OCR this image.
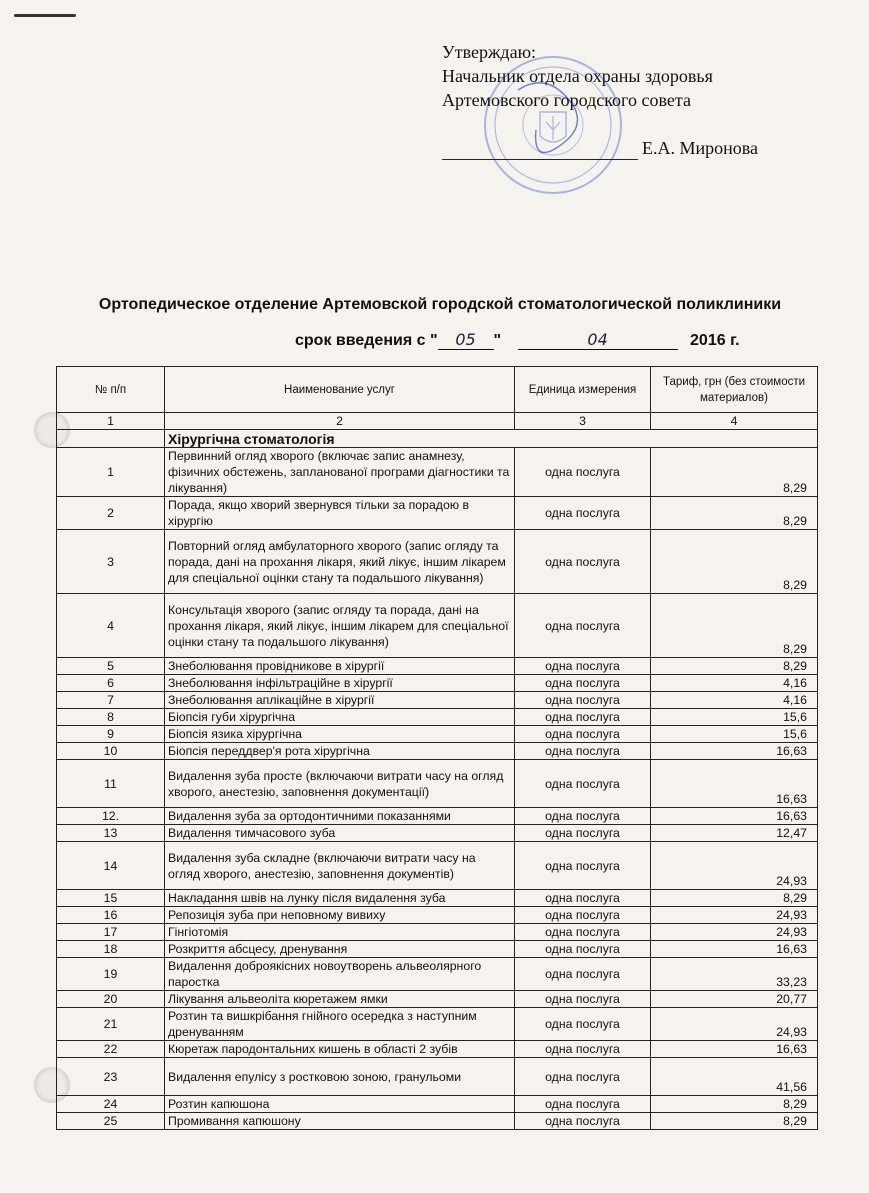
Утверждаю:
Начальник отдела охраны здоровья
Артемовского городского совета
Е.А. Миронова
Ортопедическое отделение Артемовской городской стоматологической поликлиники
срок введения с " 05 "	04	2016 г.
№ п/п	Наименование услуг	Единица измерения	Тариф, грн (без стоимости материалов)
1	2	3	4
	Хірургічна стоматологія		
1	Первинний огляд хворого (включає запис анамнезу, фізичних обстежень, запланованої програми діагностики та лікування)	одна послуга	8,29
2	Порада, якщо хворий звернувся тільки за порадою в хірургію	одна послуга	8,29
3	Повторний огляд амбулаторного хворого (запис огляду та порада, дані на прохання лікаря, який лікує, іншим лікарем для спеціальної оцінки стану та подальшого лікування)	одна послуга	8,29
4	Консультація хворого (запис огляду та порада, дані на прохання лікаря, який лікує, іншим лікарем для спеціальної оцінки стану та подальшого лікування)	одна послуга	8,29
5	Знеболювання провідникове в хірургії	одна послуга	8,29
6	Знеболювання інфільтраційне в хірургії	одна послуга	4,16
7	Знеболювання аплікаційне в хірургії	одна послуга	4,16
8	Біопсія губи хірургічна	одна послуга	15,6
9	Біопсія язика хірургічна	одна послуга	15,6
10	Біопсія переддвер'я рота хірургічна	одна послуга	16,63
11	Видалення зуба просте (включаючи витрати часу на огляд хворого, анестезію, заповнення документації)	одна послуга	16,63
12.	Видалення зуба за ортодонтичними показаннями	одна послуга	16,63
13	Видалення тимчасового зуба	одна послуга	12,47
14	Видалення зуба складне (включаючи витрати часу на огляд хворого, анестезію, заповнення документів)	одна послуга	24,93
15	Накладання швів на лунку після видалення зуба	одна послуга	8,29
16	Репозиція зуба при неповному вивиху	одна послуга	24,93
17	Гінгіотомія	одна послуга	24,93
18	Розкриття абсцесу, дренування	одна послуга	16,63
19	Видалення доброякісних новоутворень альвеолярного паростка	одна послуга	33,23
20	Лікування альвеоліта кюретажем ямки	одна послуга	20,77
21	Розтин та вишкрібання гнійного осередка з наступним дренуванням	одна послуга	24,93
22	Кюретаж пародонтальних кишень в області 2 зубів	одна послуга	16,63
23	Видалення епулісу з ростковою зоною, гранульоми	одна послуга	41,56
24	Розтин капюшона	одна послуга	8,29
25	Промивання капюшону	одна послуга	8,29
